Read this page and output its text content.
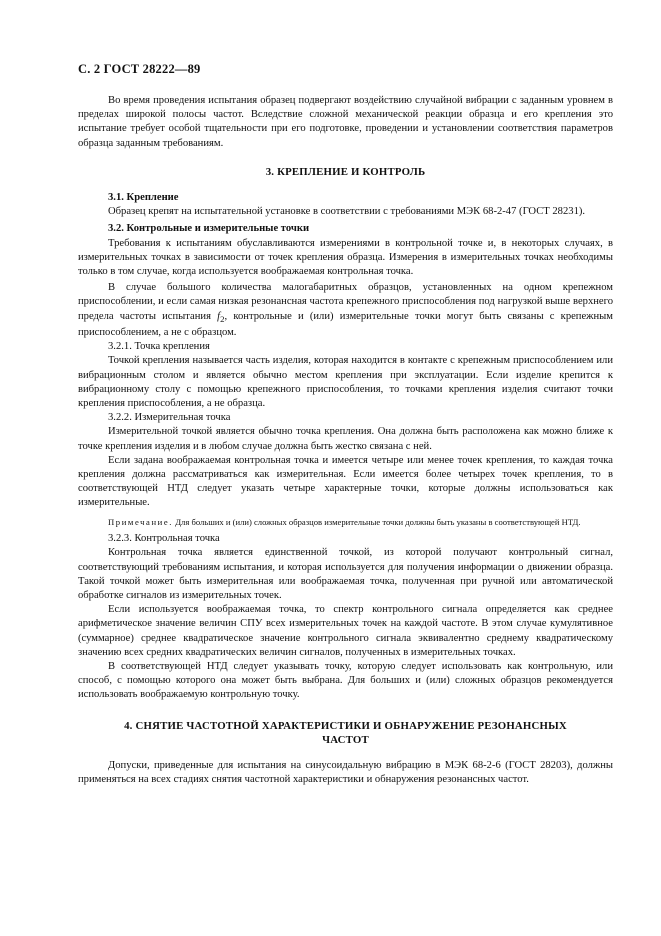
С. 2 ГОСТ 28222—89

Во время проведения испытания образец подвергают воздействию случайной вибрации с заданным уровнем в пределах широкой полосы частот. Вследствие сложной механической реакции образца и его крепления это испытание требует особой тщательности при его подготовке, проведении и установлении соответствия параметров образца заданным требованиям.

3. КРЕПЛЕНИЕ И КОНТРОЛЬ

3.1. Крепление

Образец крепят на испытательной установке в соответствии с требованиями МЭК 68-2-47 (ГОСТ 28231).

3.2. Контрольные и измерительные точки

Требования к испытаниям обуславливаются измерениями в контрольной точке и, в некоторых случаях, в измерительных точках в зависимости от точек крепления образца. Измерения в измерительных точках необходимы только в том случае, когда используется воображаемая контрольная точка.

В случае большого количества малогабаритных образцов, установленных на одном крепежном приспособлении, и если самая низкая резонансная частота крепежного приспособления под нагрузкой выше верхнего предела частоты испытания $f_2$, контрольные и (или) измерительные точки могут быть связаны с крепежным приспособлением, а не с образцом.

3.2.1. Точка крепления

Точкой крепления называется часть изделия, которая находится в контакте с крепежным приспособлением или вибрационным столом и является обычно местом крепления при эксплуатации. Если изделие крепится к вибрационному столу с помощью крепежного приспособления, то точками крепления изделия считают точки крепления приспособления, а не образца.

3.2.2. Измерительная точка

Измерительной точкой является обычно точка крепления. Она должна быть расположена как можно ближе к точке крепления изделия и в любом случае должна быть жестко связана с ней.

Если задана воображаемая контрольная точка и имеется четыре или менее точек крепления, то каждая точка крепления должна рассматриваться как измерительная. Если имеется более четырех точек крепления, то в соответствующей НТД следует указать четыре характерные точки, которые должны использоваться как измерительные.

Примечание. Для больших и (или) сложных образцов измерительные точки должны быть указаны в соответствующей НТД.

3.2.3. Контрольная точка

Контрольная точка является единственной точкой, из которой получают контрольный сигнал, соответствующий требованиям испытания, и которая используется для получения информации о движении образца. Такой точкой может быть измерительная или воображаемая точка, полученная при ручной или автоматической обработке сигналов из измерительных точек.

Если используется воображаемая точка, то спектр контрольного сигнала определяется как среднее арифметическое значение величин СПУ всех измерительных точек на каждой частоте. В этом случае кумулятивное (суммарное) среднее квадратическое значение контрольного сигнала эквивалентно среднему квадратическому значению всех средних квадратических величин сигналов, полученных в измерительных точках.

В соответствующей НТД следует указывать точку, которую следует использовать как контрольную, или способ, с помощью которого она может быть выбрана. Для больших и (или) сложных образцов рекомендуется использовать воображаемую контрольную точку.

4. СНЯТИЕ ЧАСТОТНОЙ ХАРАКТЕРИСТИКИ И ОБНАРУЖЕНИЕ РЕЗОНАНСНЫХ
ЧАСТОТ

Допуски, приведенные для испытания на синусоидальную вибрацию в МЭК 68-2-6 (ГОСТ 28203), должны применяться на всех стадиях снятия частотной характеристики и обнаружения резонансных частот.
